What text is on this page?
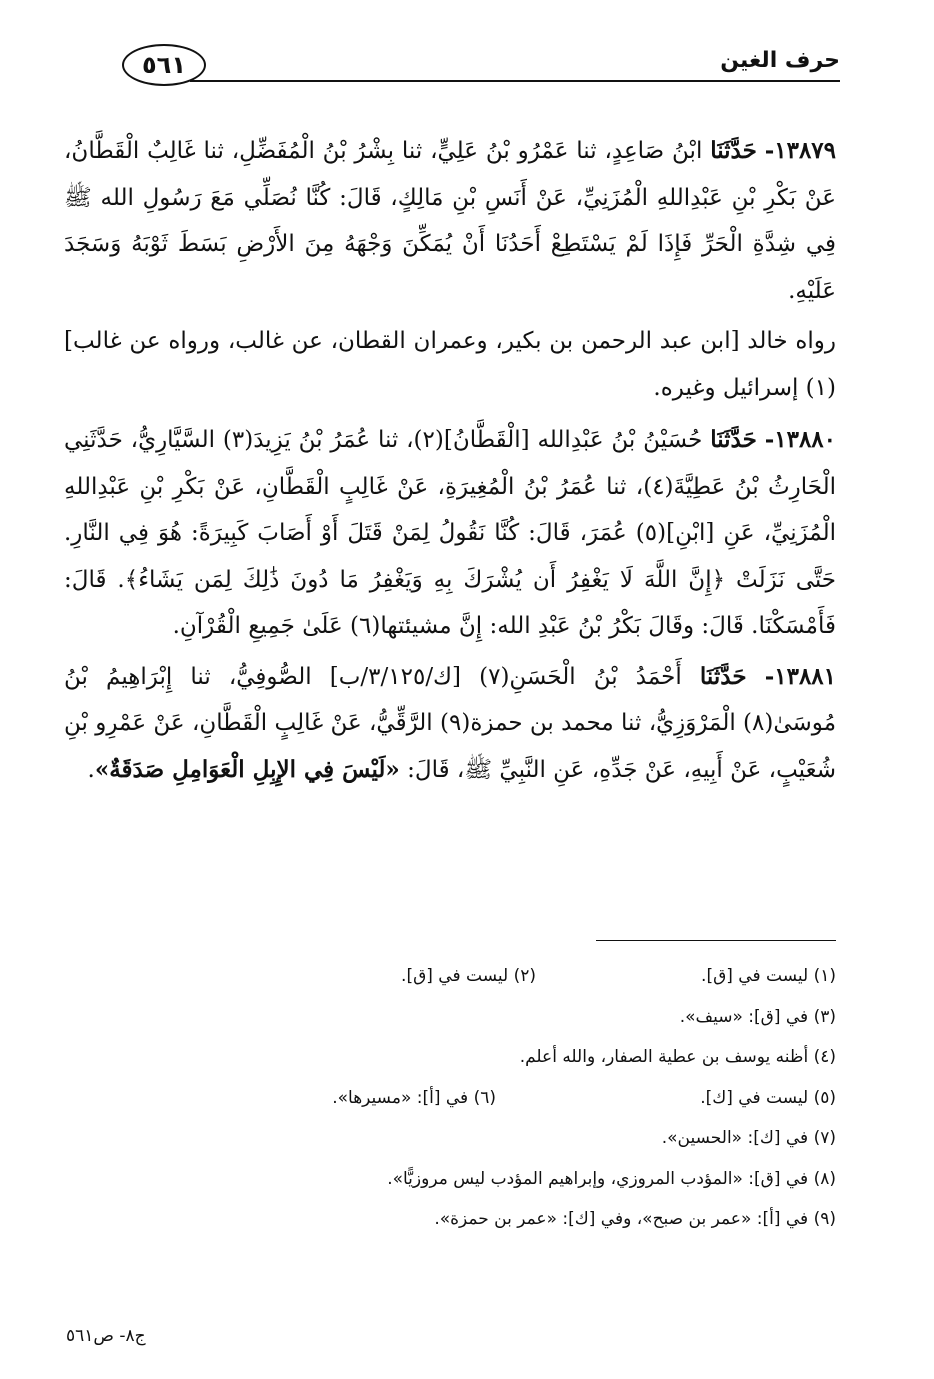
حرف الغين
٥٦١

١٣٨٧٩- حَدَّثَنَا ابْنُ صَاعِدٍ، ثنا عَمْرُو بْنُ عَلِيٍّ، ثنا بِشْرُ بْنُ الْمُفَضِّلِ، ثنا غَالِبٌ الْقَطَّانُ، عَنْ بَكْرِ بْنِ عَبْدِاللهِ الْمُزَنِيِّ، عَنْ أَنَسِ بْنِ مَالِكٍ، قَالَ: كُنَّا نُصَلِّي مَعَ رَسُولِ الله ﷺ فِي شِدَّةِ الْحَرِّ فَإِذَا لَمْ يَسْتَطِعْ أَحَدُنَا أَنْ يُمَكِّنَ وَجْهَهُ مِنَ الأَرْضِ بَسَطَ ثَوْبَهُ وَسَجَدَ عَلَيْهِ.

رواه خالد [ابن عبد الرحمن بن بكير، وعمران القطان، عن غالب، ورواه عن غالب](١) إسرائيل وغيره.

١٣٨٨٠- حَدَّثَنَا حُسَيْنُ بْنُ عَبْدِالله [الْقَطَّانُ](٢)، ثنا عُمَرُ بْنُ يَزِيدَ(٣) السَّيَّارِيُّ، حَدَّثَنِي الْحَارِثُ بْنُ عَطِيَّةَ(٤)، ثنا عُمَرُ بْنُ الْمُغِيرَةِ، عَنْ غَالِبٍ الْقَطَّانِ، عَنْ بَكْرِ بْنِ عَبْدِاللهِ الْمُزَنِيِّ، عَنِ [ابْنِ](٥) عُمَرَ، قَالَ: كُنَّا نَقُولُ لِمَنْ قَتَلَ أَوْ أَصَابَ كَبِيرَةً: هُوَ فِي النَّارِ. حَتَّى نَزَلَتْ ﴿إِنَّ اللَّهَ لَا يَغْفِرُ أَن يُشْرَكَ بِهِ وَيَغْفِرُ مَا دُونَ ذَٰلِكَ لِمَن يَشَاءُ﴾. قَالَ: فَأَمْسَكْنَا. قَالَ: وقَالَ بَكْرُ بْنُ عَبْدِ الله: إِنَّ مشيئتها(٦) عَلَىٰ جَمِيعِ الْقُرْآنِ.

١٣٨٨١- حَدَّثَنَا أَحْمَدُ بْنُ الْحَسَنِ(٧) [ك/٣/١٢٥/ب] الصُّوفِيُّ، ثنا إِبْرَاهِيمُ بْنُ مُوسَىٰ(٨) الْمَرْوَزِيُّ، ثنا محمد بن حمزة(٩) الرَّقِّيُّ، عَنْ غَالِبٍ الْقَطَّانِ، عَنْ عَمْرِو بْنِ شُعَيْبٍ، عَنْ أَبِيهِ، عَنْ جَدِّهِ، عَنِ النَّبِيِّ ﷺ، قَالَ: «لَيْسَ فِي الإِبِلِ الْعَوَامِلِ صَدَقَةٌ».

(١) ليست في [ق].
(٢) ليست في [ق].
(٣) في [ق]: «سيف».
(٤) أظنه يوسف بن عطية الصفار، والله أعلم.
(٥) ليست في [ك].
(٦) في [أ]: «مسيرها».
(٧) في [ك]: «الحسين».
(٨) في [ق]: «المؤدب المروزي، وإبراهيم المؤدب ليس مروزيًّا».
(٩) في [أ]: «عمر بن صبح»، وفي [ك]: «عمر بن حمزة».
ج٨- ص٥٦١
